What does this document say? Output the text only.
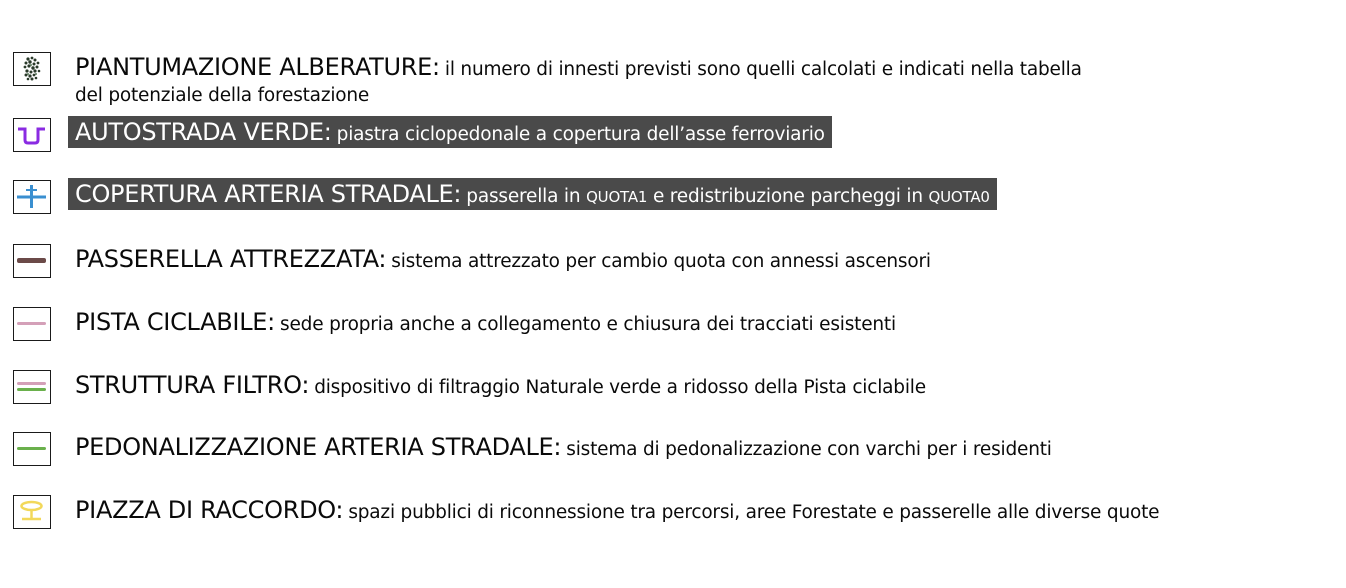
PIANTUMAZIONE ALBERATURE: il numero di innesti previsti sono quelli calcolati e indicati nella tabella
del potenziale della forestazione
AUTOSTRADA VERDE: piastra ciclopedonale a copertura dell’asse ferroviario
COPERTURA ARTERIA STRADALE: passerella in QUOTA1 e redistribuzione parcheggi in QUOTA0
PASSERELLA ATTREZZATA: sistema attrezzato per cambio quota con annessi ascensori
PISTA CICLABILE: sede propria anche a collegamento e chiusura dei tracciati esistenti
STRUTTURA FILTRO: dispositivo di filtraggio Naturale verde a ridosso della Pista ciclabile
PEDONALIZZAZIONE ARTERIA STRADALE: sistema di pedonalizzazione con varchi per i residenti
PIAZZA DI RACCORDO: spazi pubblici di riconnessione tra percorsi, aree Forestate e passerelle alle diverse quote
